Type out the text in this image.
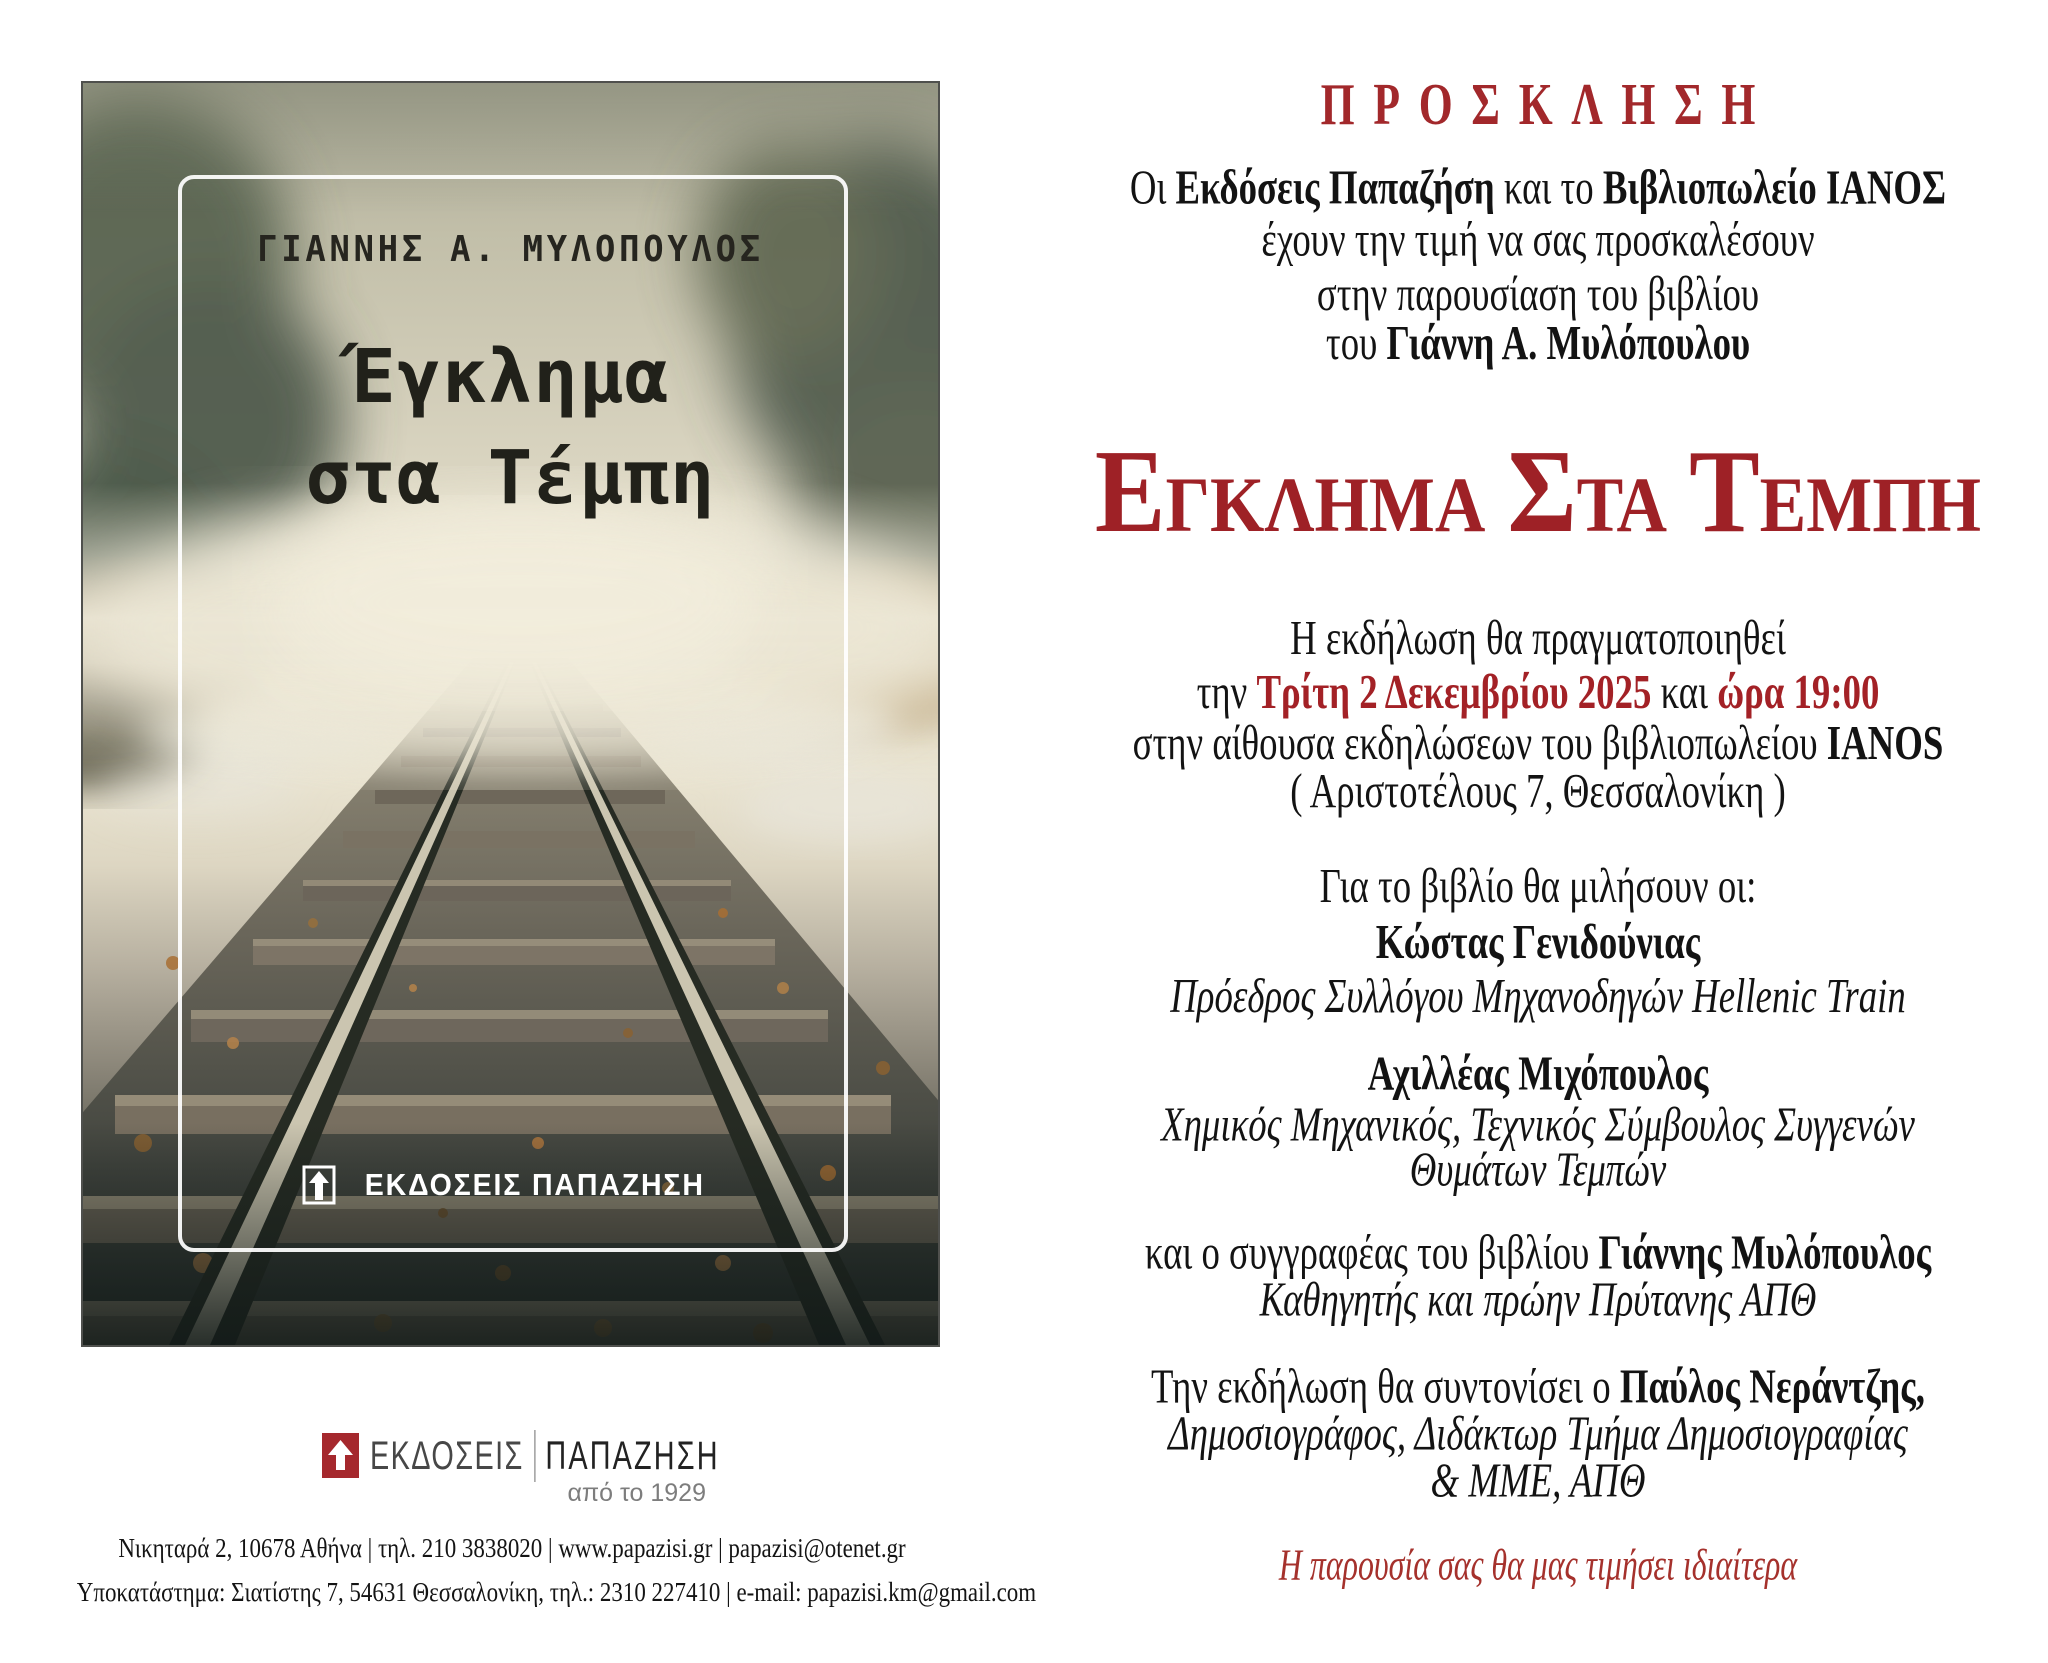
ΓΙΑΝΝΗΣ Α. ΜΥΛΟΠΟΥΛΟΣ
Έγκλημα
στα Τέμπη
ΕΚΔΟΣΕΙΣ ΠΑΠΑΖΗΣΗ
ΕΚΔΟΣΕΙΣ ΠΑΠΑΖΗΣΗ
από το 1929
Νικηταρά 2, 10678 Αθήνα | τηλ. 210 3838020 | www.papazisi.gr | papazisi@otenet.gr
Υποκατάστημα: Σιατίστης 7, 54631 Θεσσαλονίκη, τηλ.: 2310 227410 | e-mail: papazisi.km@gmail.com
ΠΡΟΣΚΛΗΣΗ
Οι Εκδόσεις Παπαζήση και το Βιβλιοπωλείο ΙΑΝΟΣ
έχουν την τιμή να σας προσκαλέσουν
στην παρουσίαση του βιβλίου
του Γιάννη Α. Μυλόπουλου
ΕΓΚΛΗΜΑ ΣΤΑ ΤΕΜΠΗ
Η εκδήλωση θα πραγματοποιηθεί
την Τρίτη 2 Δεκεμβρίου 2025 και ώρα 19:00
στην αίθουσα εκδηλώσεων του βιβλιοπωλείου IANOS
( Αριστοτέλους 7, Θεσσαλονίκη )
Για το βιβλίο θα μιλήσουν οι:
Κώστας Γενιδούνιας
Πρόεδρος Συλλόγου Μηχανοδηγών Hellenic Train
Αχιλλέας Μιχόπουλος
Χημικός Μηχανικός, Τεχνικός Σύμβουλος Συγγενών
Θυμάτων Τεμπών
και ο συγγραφέας του βιβλίου Γιάννης Μυλόπουλος
Καθηγητής και πρώην Πρύτανης ΑΠΘ
Την εκδήλωση θα συντονίσει ο Παύλος Νεράντζης,
Δημοσιογράφος, Διδάκτωρ Τμήμα Δημοσιογραφίας
& ΜΜΕ, ΑΠΘ
Η παρουσία σας θα μας τιμήσει ιδιαίτερα
